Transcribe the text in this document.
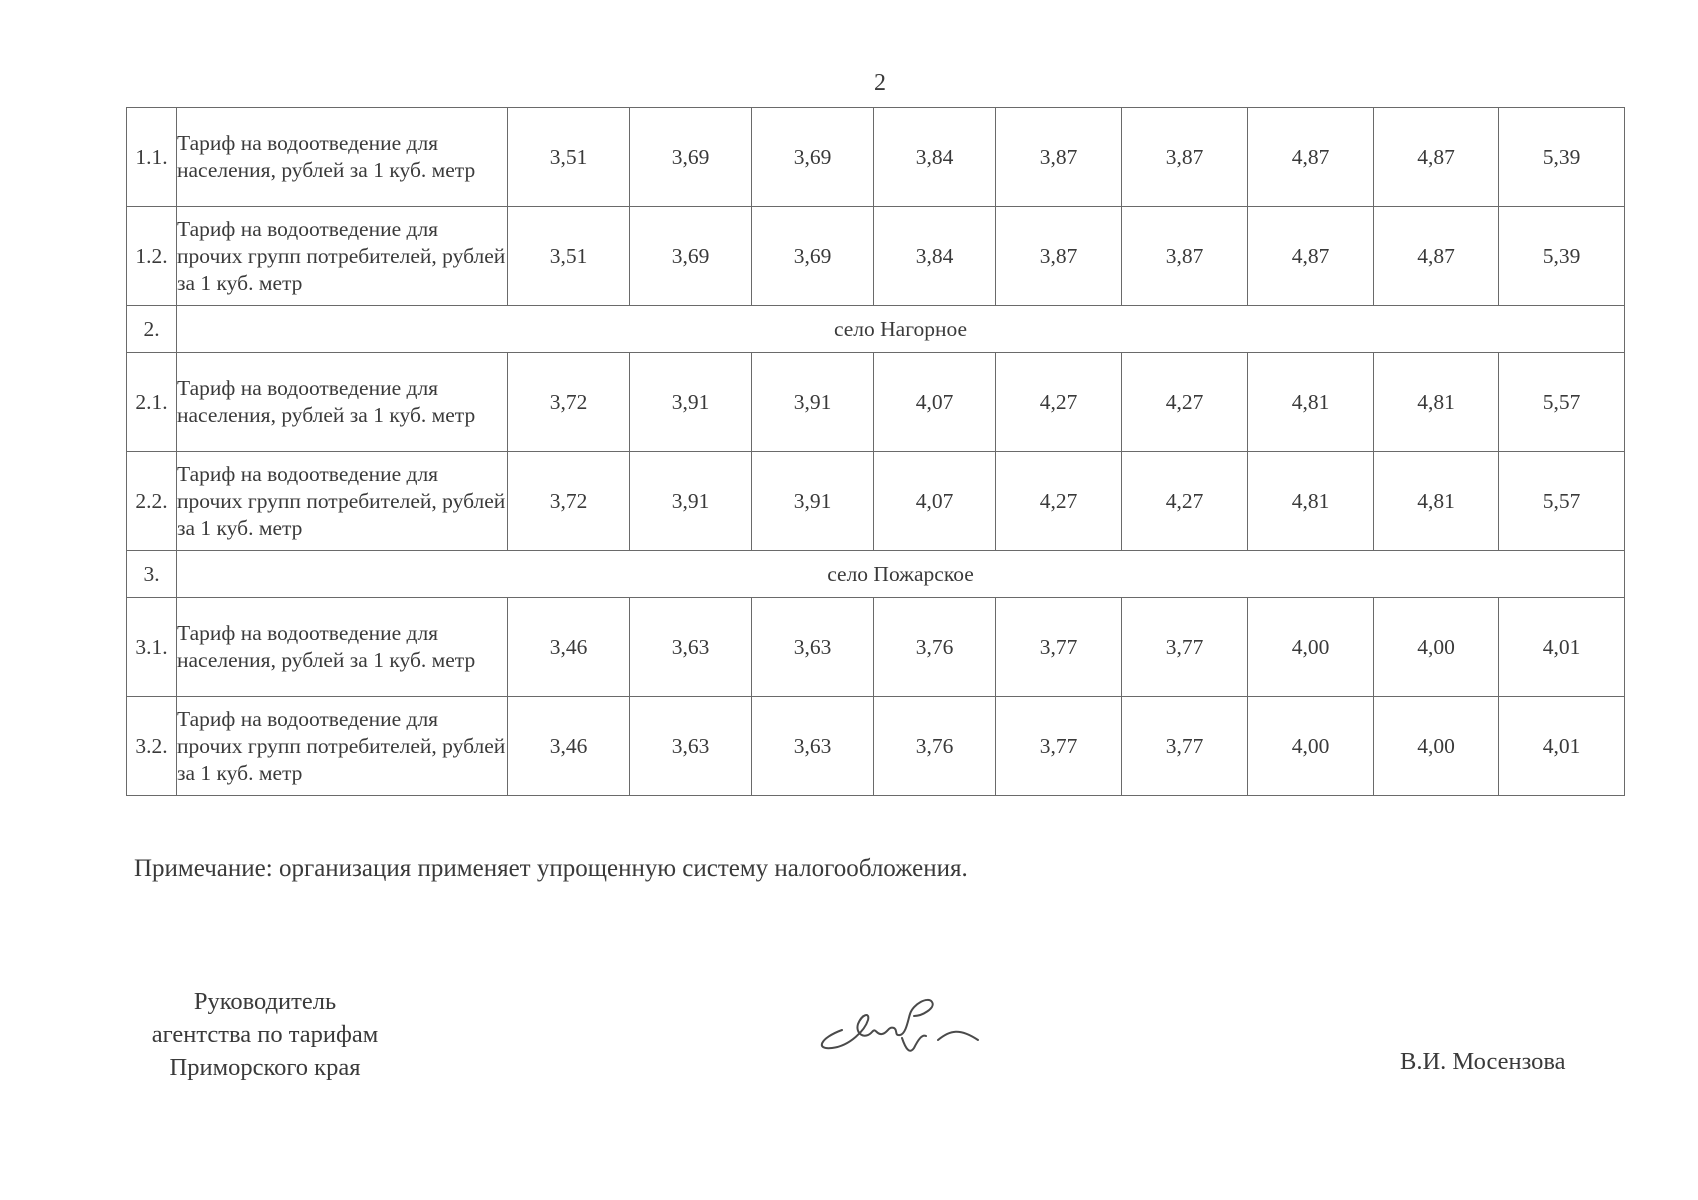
2
1.1.	Тариф на водоотведение для населения, рублей за 1 куб. метр	3,51	3,69	3,69	3,84	3,87	3,87	4,87	4,87	5,39
1.2.	Тариф на водоотведение для прочих групп потребителей, рублей за 1 куб. метр	3,51	3,69	3,69	3,84	3,87	3,87	4,87	4,87	5,39
2.	село Нагорное									
2.1.	Тариф на водоотведение для населения, рублей за 1 куб. метр	3,72	3,91	3,91	4,07	4,27	4,27	4,81	4,81	5,57
2.2.	Тариф на водоотведение для прочих групп потребителей, рублей за 1 куб. метр	3,72	3,91	3,91	4,07	4,27	4,27	4,81	4,81	5,57
3.	село Пожарское									
3.1.	Тариф на водоотведение для населения, рублей за 1 куб. метр	3,46	3,63	3,63	3,76	3,77	3,77	4,00	4,00	4,01
3.2.	Тариф на водоотведение для прочих групп потребителей, рублей за 1 куб. метр	3,46	3,63	3,63	3,76	3,77	3,77	4,00	4,00	4,01
Примечание: организация применяет упрощенную систему налогообложения.
Руководитель
агентства по тарифам
Приморского края	В.И. Мосензова
